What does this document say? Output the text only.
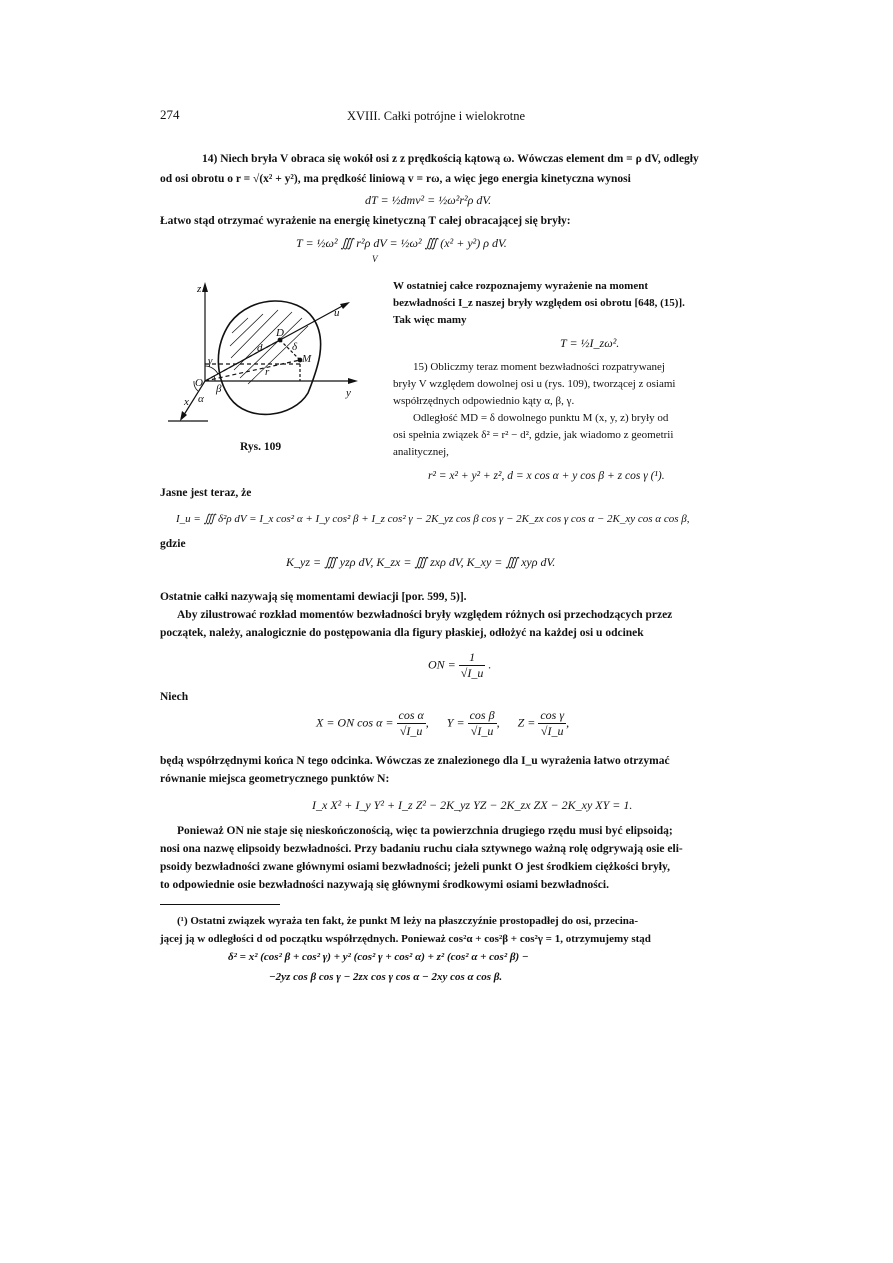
274	XVIII. Całki potrójne i wielokrotne
14) Niech bryła V obraca się wokół osi z z prędkością kątową ω. Wówczas element dm = ρ dV, odległy
od osi obrotu o r = √(x² + y²), ma prędkość liniową v = rω, a więc jego energia kinetyczna wynosi
dT = ½dmv² = ½ω²r²ρ dV.
Łatwo stąd otrzymać wyrażenie na energię kinetyczną T całej obracającej się bryły:
T = ½ω² ∭ r²ρ dV = ½ω² ∭ (x² + y²) ρ dV.
V
z
u
y
x
O
M
D
d
r
δ
γ
β
α
Rys. 109
W ostatniej całce rozpoznajemy wyrażenie na moment
bezwładności I_z naszej bryły względem osi obrotu [648, (15)].
Tak więc mamy
T = ½I_zω².
15) Obliczmy teraz moment bezwładności rozpatrywanej
bryły V względem dowolnej osi u (rys. 109), tworzącej z osiami
współrzędnych odpowiednio kąty α, β, γ.
Odległość MD = δ dowolnego punktu M (x, y, z) bryły od
osi spełnia związek δ² = r² − d², gdzie, jak wiadomo z geometrii
analitycznej,
r² = x² + y² + z², d = x cos α + y cos β + z cos γ (¹).
Jasne jest teraz, że
I_u = ∭ δ²ρ dV = I_x cos² α + I_y cos² β + I_z cos² γ − 2K_yz cos β cos γ − 2K_zx cos γ cos α − 2K_xy cos α cos β,
gdzie
K_yz = ∭ yzρ dV, K_zx = ∭ zxρ dV, K_xy = ∭ xyρ dV.
Ostatnie całki nazywają się momentami dewiacji [por. 599, 5)].
Aby zilustrować rozkład momentów bezwładności bryły względem różnych osi przechodzących przez
początek, należy, analogicznie do postępowania dla figury płaskiej, odłożyć na każdej osi u odcinek
ON = $\frac{1}{√I\_u}$ .
Niech
X = ON $\cos \alpha = \frac{\text{cos α}}{√I\_u}$ ,      $Y = \frac{\text{cos β}}{√I\_u}$ ,      $Z = \frac{\text{cos γ}}{√I\_u}$ ,
będą współrzędnymi końca N tego odcinka. Wówczas ze znalezionego dla I_u wyrażenia łatwo otrzymać
równanie miejsca geometrycznego punktów N:
I_x X² + I_y Y² + I_z Z² − 2K_yz YZ − 2K_zx ZX − 2K_xy XY = 1.
Ponieważ ON nie staje się nieskończonością, więc ta powierzchnia drugiego rzędu musi być elipsoidą;
nosi ona nazwę elipsoidy bezwładności. Przy badaniu ruchu ciała sztywnego ważną rolę odgrywają osie eli-
psoidy bezwładności zwane głównymi osiami bezwładności; jeżeli punkt O jest środkiem ciężkości bryły,
to odpowiednie osie bezwładności nazywają się głównymi środkowymi osiami bezwładności.
(¹) Ostatni związek wyraża ten fakt, że punkt M leży na płaszczyźnie prostopadłej do osi, przecina-
jącej ją w odległości d od początku współrzędnych. Ponieważ cos²α + cos²β + cos²γ = 1, otrzymujemy stąd
δ² = x² (cos² β + cos² γ) + y² (cos² γ + cos² α) + z² (cos² α + cos² β) −
−2yz cos β cos γ − 2zx cos γ cos α − 2xy cos α cos β.
